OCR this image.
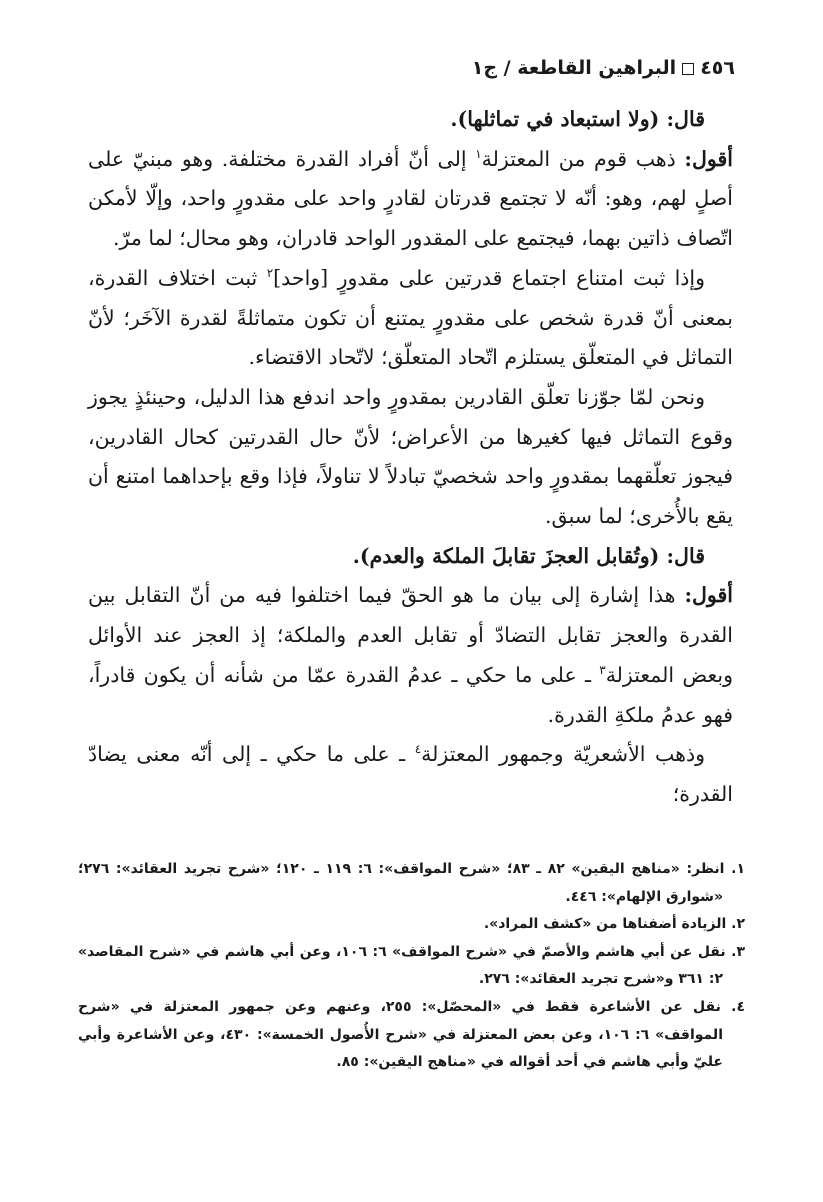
٤٥٦البراهين القاطعة / ج١

قال: (ولا استبعاد في تماثلها).

أقول: ذهب قوم من المعتزلة$^١$ إلى أنّ أفراد القدرة مختلفة. وهو مبنيّ على أصلٍ لهم، وهو: أنّه لا تجتمع قدرتان لقادرٍ واحد على مقدورٍ واحد، وإلّا لأمكن اتّصاف ذاتين بهما، فيجتمع على المقدور الواحد قادران، وهو محال؛ لما مرّ.

وإذا ثبت امتناع اجتماع قدرتين على مقدورٍ [واحد]$^٢$ ثبت اختلاف القدرة، بمعنى أنّ قدرة شخص على مقدورٍ يمتنع أن تكون متماثلةً لقدرة الآخَر؛ لأنّ التماثل في المتعلّق يستلزم اتّحاد المتعلّق؛ لاتّحاد الاقتضاء.

ونحن لمّا جوّزنا تعلّق القادرين بمقدورٍ واحد اندفع هذا الدليل، وحينئذٍ يجوز وقوع التماثل فيها كغيرها من الأعراض؛ لأنّ حال القدرتين كحال القادرين، فيجوز تعلّقهما بمقدورٍ واحد شخصيّ تبادلاً لا تناولاً، فإذا وقع بإحداهما امتنع أن يقع بالأُخرى؛ لما سبق.

قال: (وتُقابل العجزَ تقابلَ الملكة والعدم).

أقول: هذا إشارة إلى بيان ما هو الحقّ فيما اختلفوا فيه من أنّ التقابل بين القدرة والعجز تقابل التضادّ أو تقابل العدم والملكة؛ إذ العجز عند الأوائل وبعض المعتزلة$^٣$ ـ على ما حكي ـ عدمُ القدرة عمّا من شأنه أن يكون قادراً، فهو عدمُ ملكةِ القدرة.

وذهب الأشعريّة وجمهور المعتزلة$^٤$ ـ على ما حكي ـ إلى أنّه معنى يضادّ القدرة؛

١. انظر: «مناهج اليقين» ٨٢ ـ ٨٣؛ «شرح المواقف»: ٦: ١١٩ ـ ١٢٠؛ «شرح تجريد العقائد»: ٢٧٦؛ «شوارق الإلهام»: ٤٤٦.

٢. الزيادة أضفناها من «كشف المراد».

٣. نقل عن أبي هاشم والأصمّ في «شرح المواقف» ٦: ١٠٦، وعن أبي هاشم في «شرح المقاصد» ٢: ٣٦١ و«شرح تجريد العقائد»: ٢٧٦.

٤. نقل عن الأشاعرة فقط في «المحصّل»: ٢٥٥، وعنهم وعن جمهور المعتزلة في «شرح المواقف» ٦: ١٠٦، وعن بعض المعتزلة في «شرح الأُصول الخمسة»: ٤٣٠، وعن الأشاعرة وأبي عليّ وأبي هاشم في أحد أقواله في «مناهج اليقين»: ٨٥.
